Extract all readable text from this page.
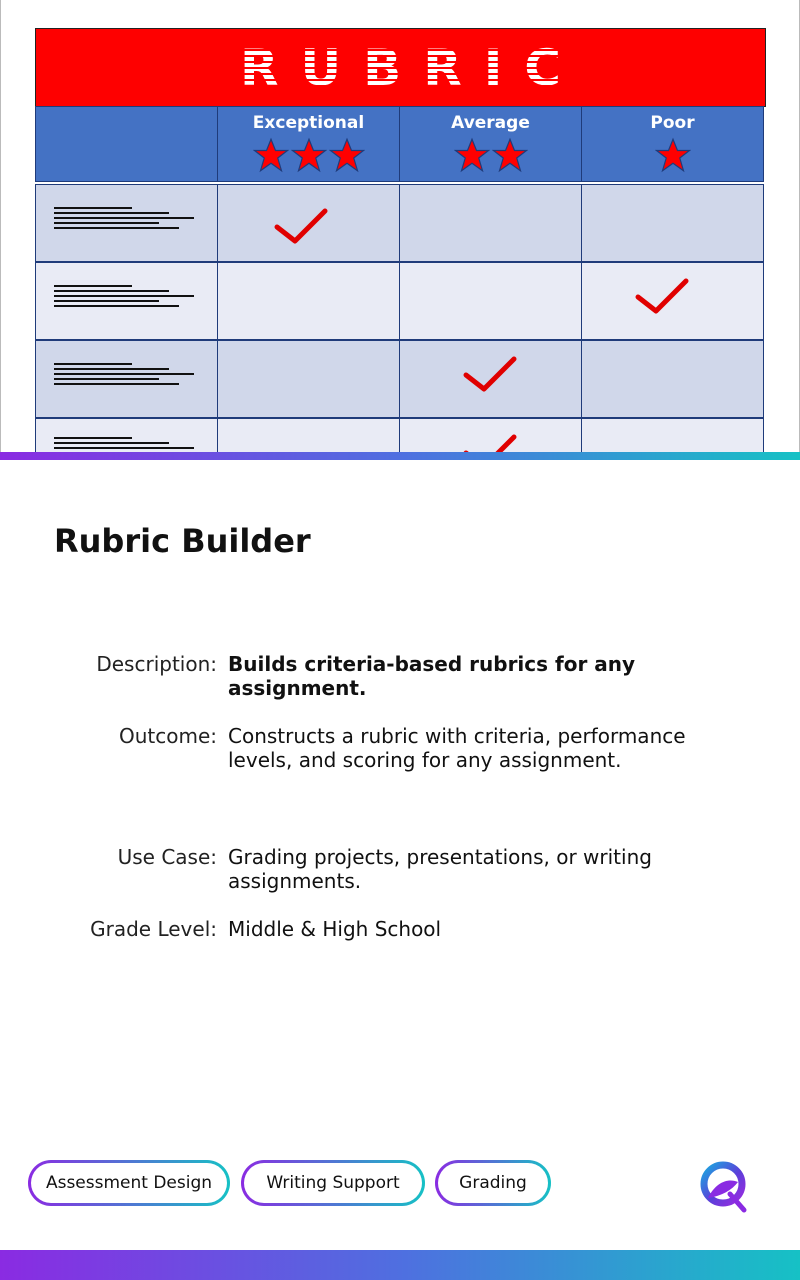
RUBRIC
Exceptional	Average	Poor
Rubric Builder
Description: Builds criteria-based rubrics for any assignment.
Outcome: Constructs a rubric with criteria, performance levels, and scoring for any assignment.
Use Case: Grading projects, presentations, or writing assignments.
Grade Level: Middle & High School
Assessment Design	Writing Support	Grading
